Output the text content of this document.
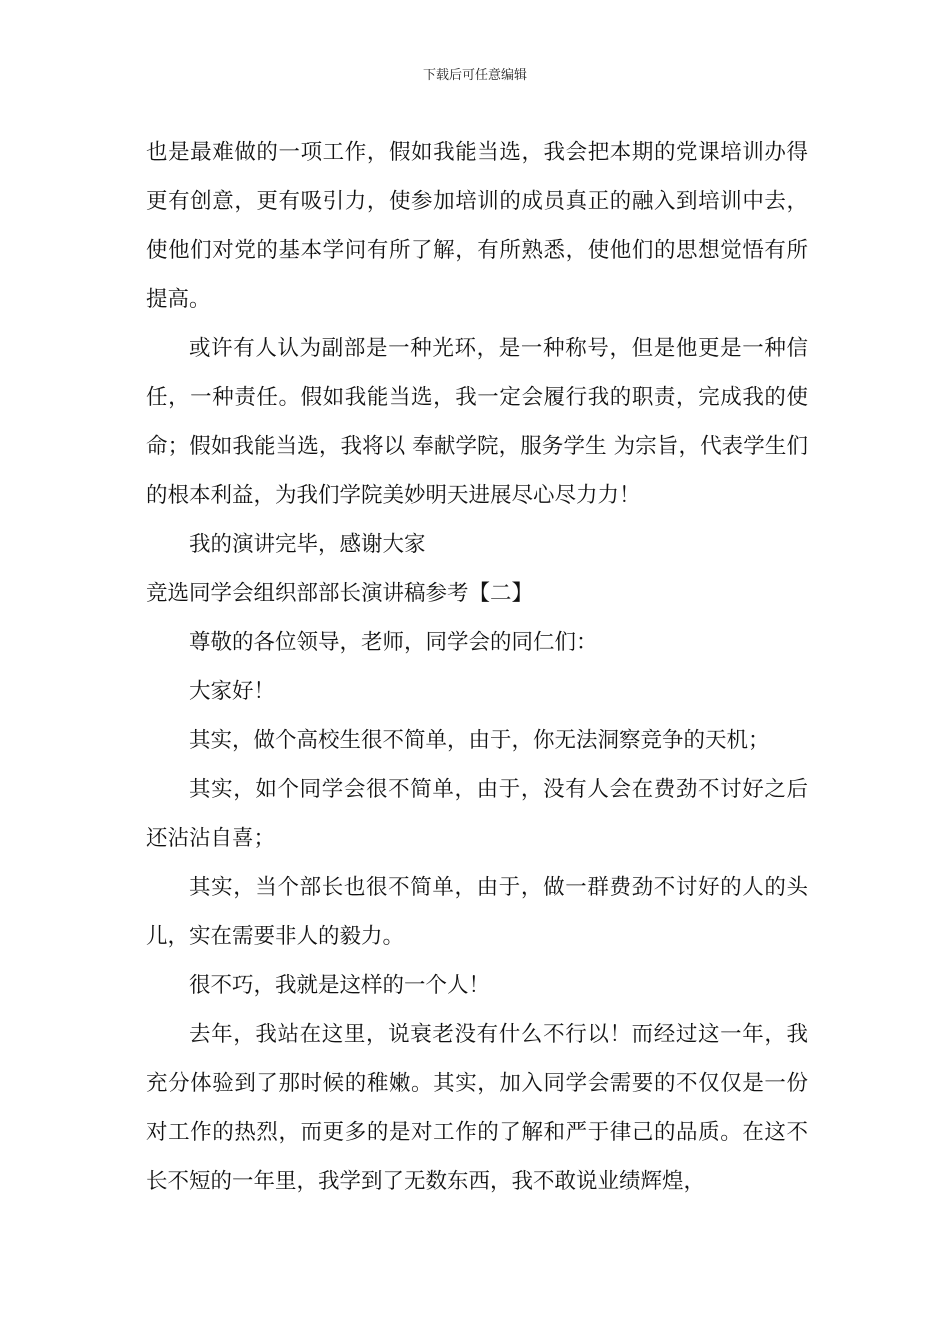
下载后可任意编辑

也是最难做的一项工作，假如我能当选，我会把本期的党课培训办得更有创意，更有吸引力，使参加培训的成员真正的融入到培训中去，使他们对党的基本学问有所了解，有所熟悉，使他们的思想觉悟有所提高。

或许有人认为副部是一种光环，是一种称号，但是他更是一种信任，一种责任。假如我能当选，我一定会履行我的职责，完成我的使命；假如我能当选，我将以 奉献学院，服务学生 为宗旨，代表学生们的根本利益，为我们学院美妙明天进展尽心尽力力！

我的演讲完毕，感谢大家

竞选同学会组织部部长演讲稿参考【二】

尊敬的各位领导，老师，同学会的同仁们：

大家好！

其实，做个高校生很不简单，由于，你无法洞察竞争的天机；

其实，如个同学会很不简单，由于，没有人会在费劲不讨好之后还沾沾自喜；

其实，当个部长也很不简单，由于，做一群费劲不讨好的人的头儿，实在需要非人的毅力。

很不巧，我就是这样的一个人！

去年，我站在这里，说衰老没有什么不行以！而经过这一年，我充分体验到了那时候的稚嫩。其实，加入同学会需要的不仅仅是一份对工作的热烈，而更多的是对工作的了解和严于律己的品质。在这不长不短的一年里，我学到了无数东西，我不敢说业绩辉煌，
